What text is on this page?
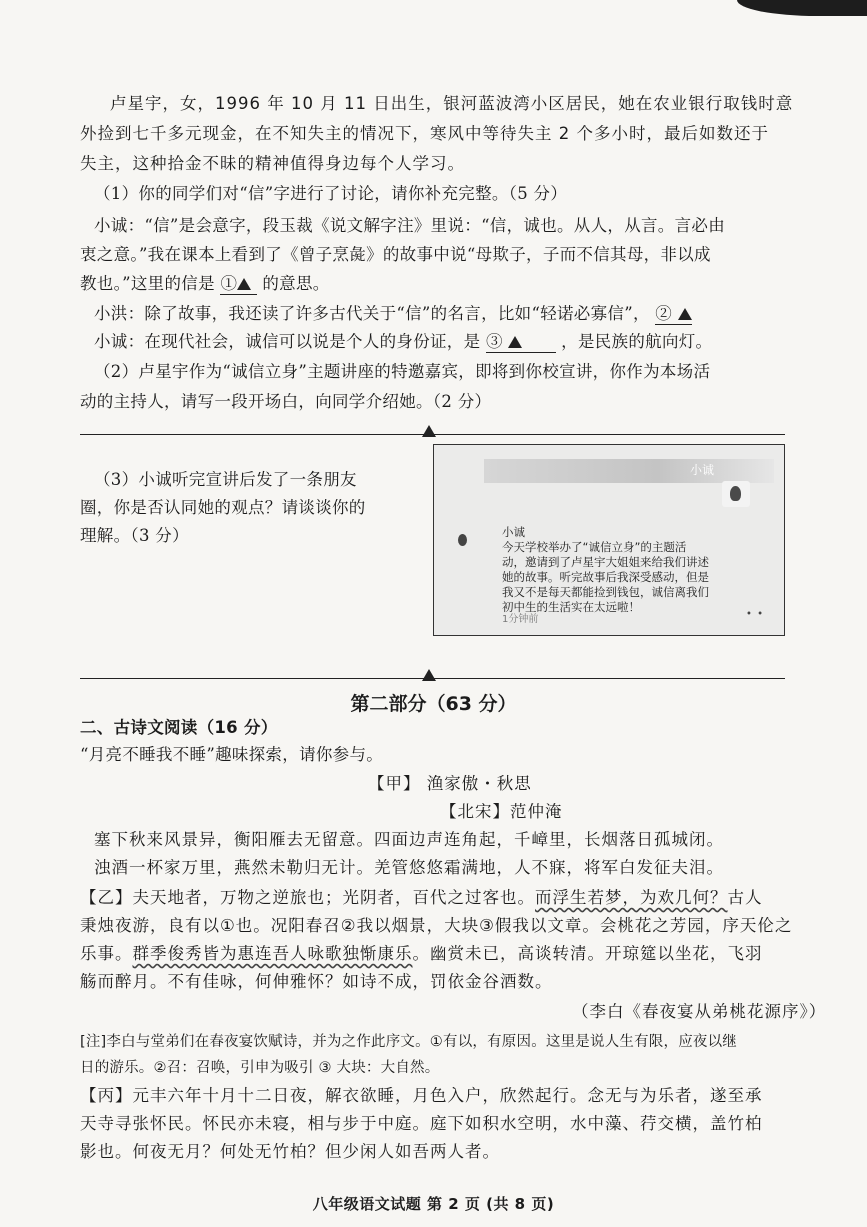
卢星宇，女，1996 年 10 月 11 日出生，银河蓝波湾小区居民，她在农业银行取钱时意
外捡到七千多元现金，在不知失主的情况下，寒风中等待失主 2 个多小时，最后如数还于
失主，这种拾金不昧的精神值得身边每个人学习。
（1）你的同学们对“信”字进行了讨论，请你补充完整。（5 分）
小诚：“信”是会意字，段玉裁《说文解字注》里说：“信，诚也。从人，从言。言必由
衷之意。”我在课本上看到了《曾子烹彘》的故事中说“母欺子，子而不信其母，非以成
教也。”这里的信是 ① 的意思。
小洪：除了故事，我还读了许多古代关于“信”的名言，比如“轻诺必寡信”， ②
小诚：在现代社会，诚信可以说是个人的身份证，是 ③	，是民族的航向灯。
（2）卢星宇作为“诚信立身”主题讲座的特邀嘉宾，即将到你校宣讲，你作为本场活
动的主持人，请写一段开场白，向同学介绍她。（2 分）
（3）小诚听完宣讲后发了一条朋友
圈，你是否认同她的观点？请谈谈你的
理解。（3 分）
小诚
小诚
今天学校举办了“诚信立身”的主题活
动，邀请到了卢星宇大姐姐来给我们讲述
她的故事。听完故事后我深受感动，但是
我又不是每天都能捡到钱包，诚信离我们
初中生的生活实在太远啦！
1分钟前	• •
第二部分（63 分）
二、古诗文阅读（16 分）
“月亮不睡我不睡”趣味探索，请你参与。
【甲】 渔家傲・秋思
【北宋】范仲淹
塞下秋来风景异，衡阳雁去无留意。四面边声连角起，千嶂里，长烟落日孤城闭。
浊酒一杯家万里，燕然未勒归无计。羌管悠悠霜满地，人不寐，将军白发征夫泪。
【乙】夫天地者，万物之逆旅也；光阴者，百代之过客也。而浮生若梦，为欢几何？古人
秉烛夜游，良有以①也。况阳春召②我以烟景，大块③假我以文章。会桃花之芳园，序天伦之
乐事。群季俊秀皆为惠连吾人咏歌独惭康乐。幽赏未已，高谈转清。开琼筵以坐花，飞羽
觞而醉月。不有佳咏，何伸雅怀？如诗不成，罚依金谷酒数。
（李白《春夜宴从弟桃花源序》）
[注]李白与堂弟们在春夜宴饮赋诗，并为之作此序文。①有以，有原因。这里是说人生有限，应夜以继
日的游乐。②召：召唤，引申为吸引 ③ 大块：大自然。
【丙】元丰六年十月十二日夜，解衣欲睡，月色入户，欣然起行。念无与为乐者，遂至承
天寺寻张怀民。怀民亦未寝，相与步于中庭。庭下如积水空明，水中藻、荇交横，盖竹柏
影也。何夜无月？何处无竹柏？但少闲人如吾两人者。
八年级语文试题 第 2 页 (共 8 页)
